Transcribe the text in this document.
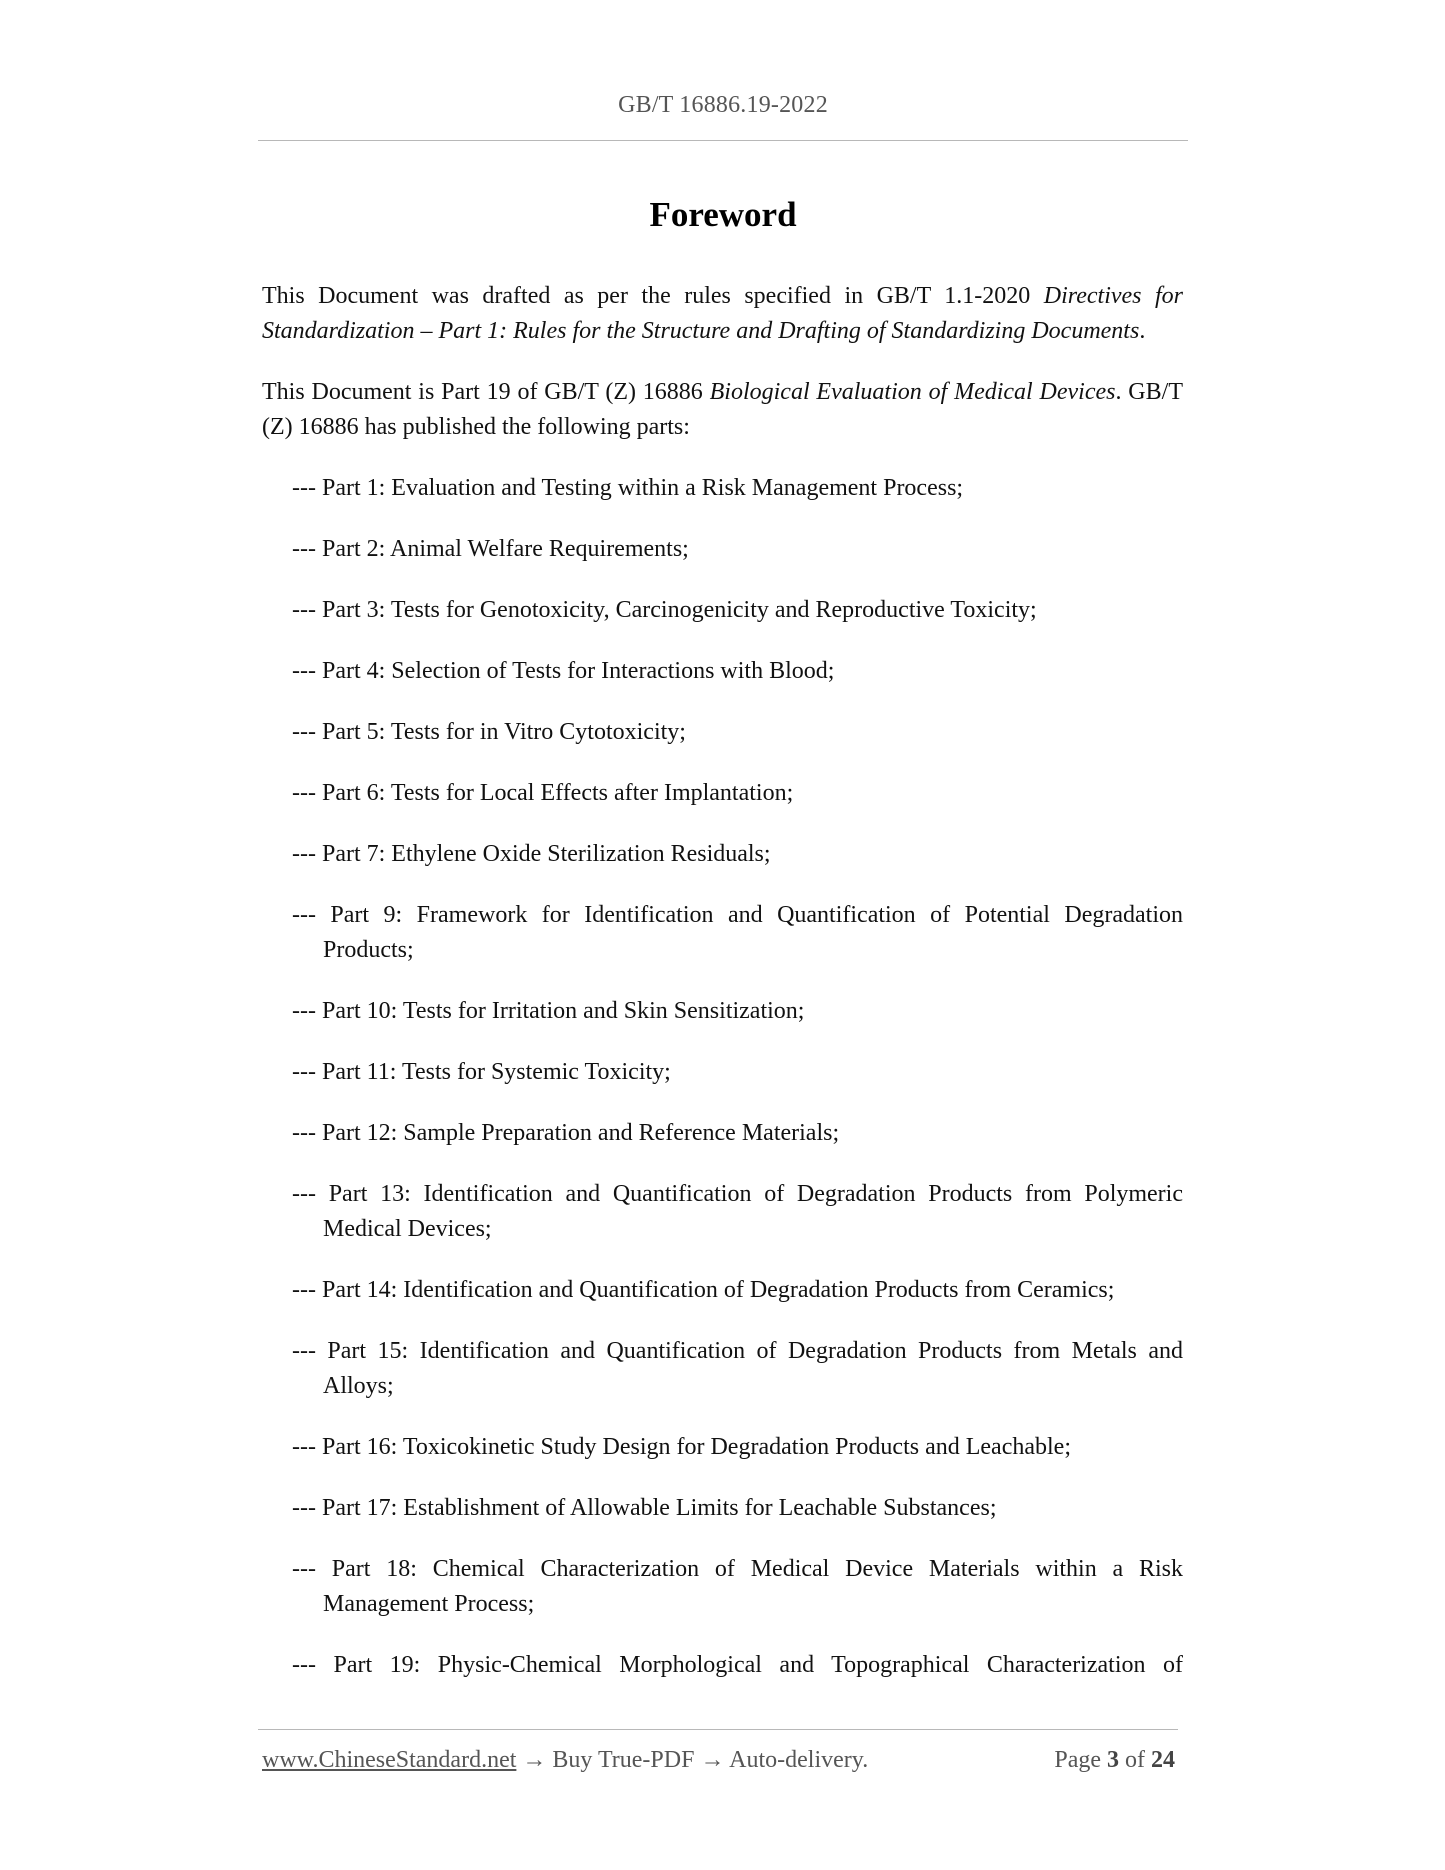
GB/T 16886.19-2022
Foreword

This Document was drafted as per the rules specified in GB/T 1.1-2020 Directives for Standardization – Part 1: Rules for the Structure and Drafting of Standardizing Documents.

This Document is Part 19 of GB/T (Z) 16886 Biological Evaluation of Medical Devices. GB/T (Z) 16886 has published the following parts:

--- Part 1: Evaluation and Testing within a Risk Management Process;
--- Part 2: Animal Welfare Requirements;
--- Part 3: Tests for Genotoxicity, Carcinogenicity and Reproductive Toxicity;
--- Part 4: Selection of Tests for Interactions with Blood;
--- Part 5: Tests for in Vitro Cytotoxicity;
--- Part 6: Tests for Local Effects after Implantation;
--- Part 7: Ethylene Oxide Sterilization Residuals;
--- Part 9: Framework for Identification and Quantification of Potential Degradation Products;
--- Part 10: Tests for Irritation and Skin Sensitization;
--- Part 11: Tests for Systemic Toxicity;
--- Part 12: Sample Preparation and Reference Materials;
--- Part 13: Identification and Quantification of Degradation Products from Polymeric Medical Devices;
--- Part 14: Identification and Quantification of Degradation Products from Ceramics;
--- Part 15: Identification and Quantification of Degradation Products from Metals and Alloys;
--- Part 16: Toxicokinetic Study Design for Degradation Products and Leachable;
--- Part 17: Establishment of Allowable Limits for Leachable Substances;
--- Part 18: Chemical Characterization of Medical Device Materials within a Risk Management Process;
--- Part 19: Physic-Chemical Morphological and Topographical Characterization of
www.ChineseStandard.net → Buy True-PDF → Auto-delivery.	Page 3 of 24
